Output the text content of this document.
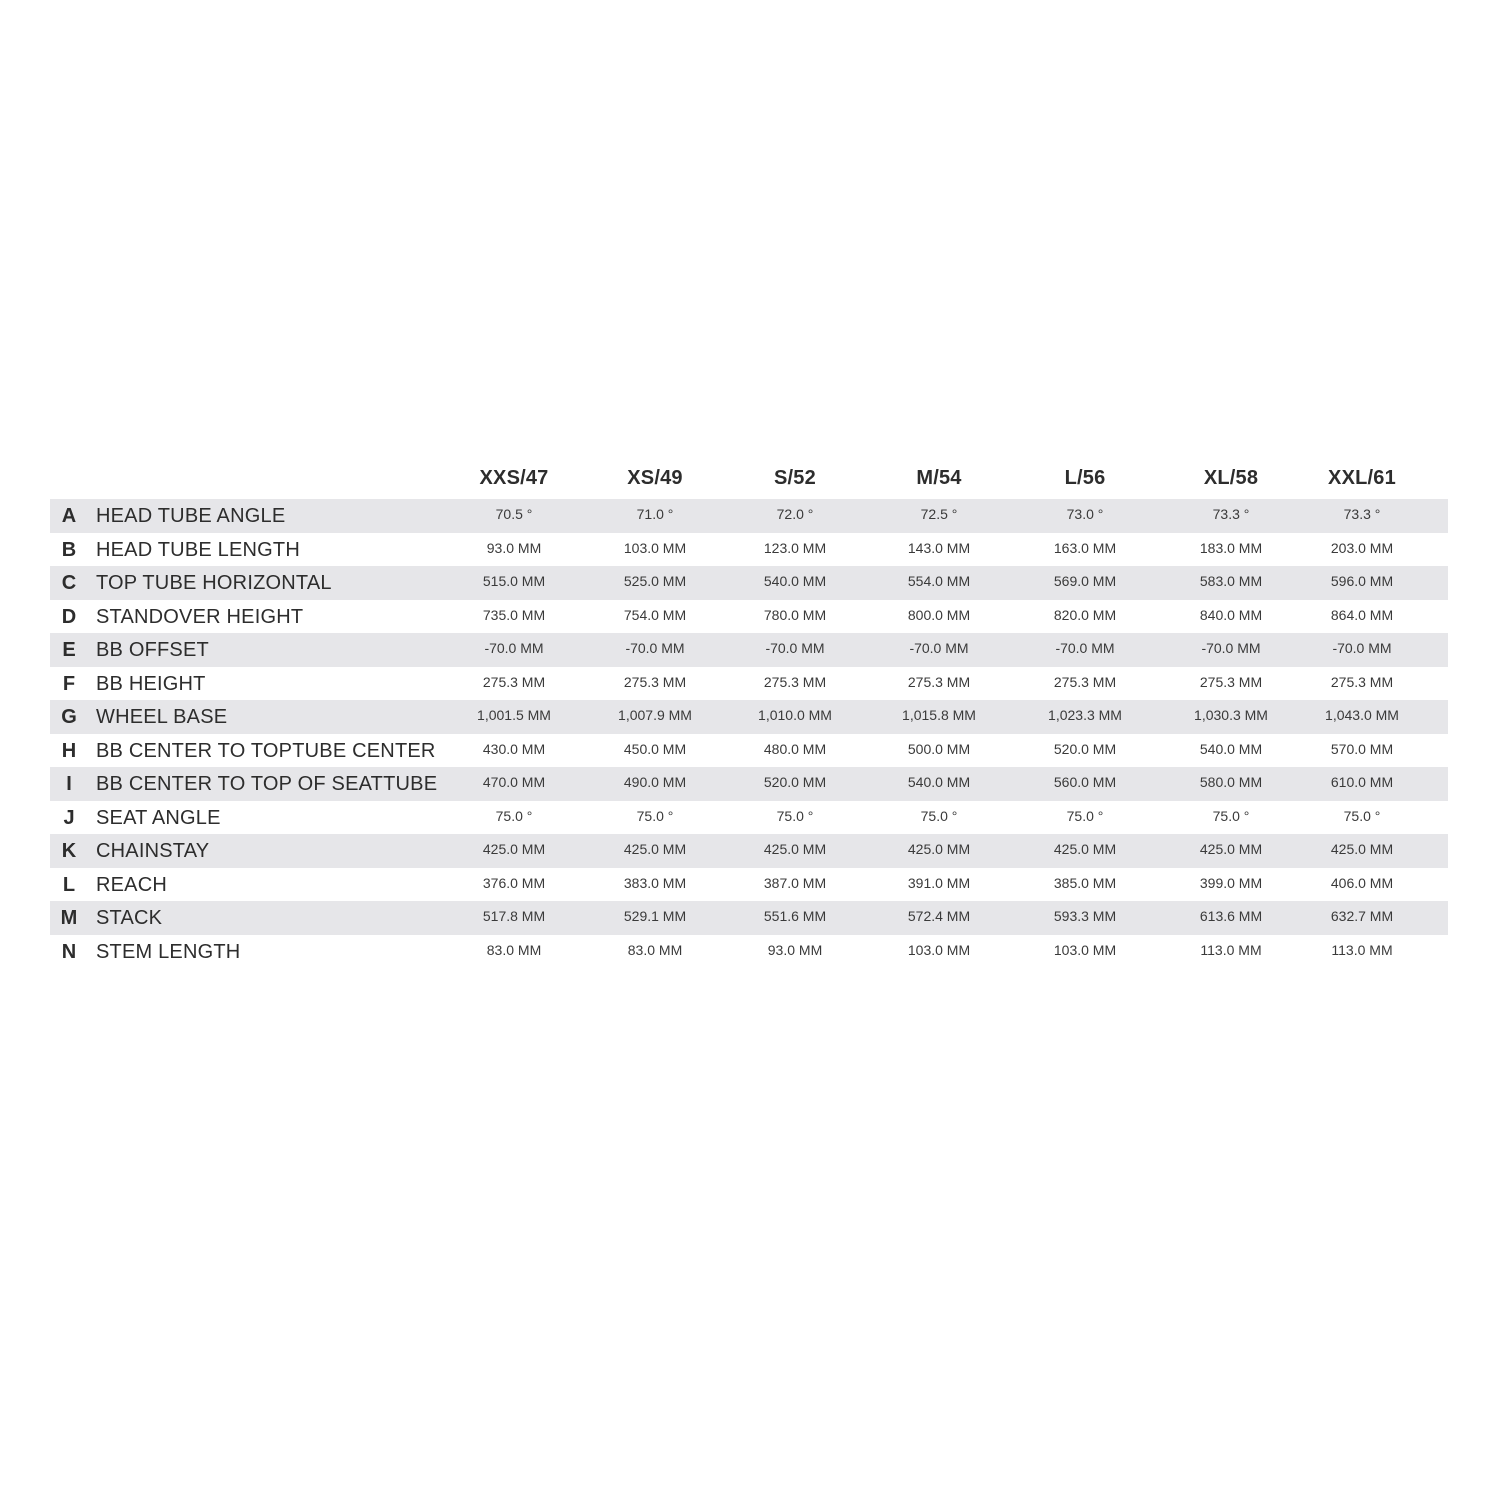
XXS/47	XS/49	S/52	M/54	L/56	XL/58	XXL/61
A HEAD TUBE ANGLE	70.5 °	71.0 °	72.0 °	72.5 °	73.0 °	73.3 °	73.3 °
B HEAD TUBE LENGTH	93.0 MM	103.0 MM	123.0 MM	143.0 MM	163.0 MM	183.0 MM	203.0 MM
C TOP TUBE HORIZONTAL	515.0 MM	525.0 MM	540.0 MM	554.0 MM	569.0 MM	583.0 MM	596.0 MM
D STANDOVER HEIGHT	735.0 MM	754.0 MM	780.0 MM	800.0 MM	820.0 MM	840.0 MM	864.0 MM
E BB OFFSET	-70.0 MM	-70.0 MM	-70.0 MM	-70.0 MM	-70.0 MM	-70.0 MM	-70.0 MM
F BB HEIGHT	275.3 MM	275.3 MM	275.3 MM	275.3 MM	275.3 MM	275.3 MM	275.3 MM
G WHEEL BASE	1,001.5 MM	1,007.9 MM	1,010.0 MM	1,015.8 MM	1,023.3 MM	1,030.3 MM	1,043.0 MM
H BB CENTER TO TOPTUBE CENTER	430.0 MM	450.0 MM	480.0 MM	500.0 MM	520.0 MM	540.0 MM	570.0 MM
I	BB CENTER TO TOP OF SEATTUBE	470.0 MM	490.0 MM	520.0 MM	540.0 MM	560.0 MM	580.0 MM	610.0 MM
J SEAT ANGLE	75.0 °	75.0 °	75.0 °	75.0 °	75.0 °	75.0 °	75.0 °
K CHAINSTAY	425.0 MM	425.0 MM	425.0 MM	425.0 MM	425.0 MM	425.0 MM	425.0 MM
L REACH	376.0 MM	383.0 MM	387.0 MM	391.0 MM	385.0 MM	399.0 MM	406.0 MM
M STACK	517.8 MM	529.1 MM	551.6 MM	572.4 MM	593.3 MM	613.6 MM	632.7 MM
N STEM LENGTH	83.0 MM	83.0 MM	93.0 MM	103.0 MM	103.0 MM	113.0 MM	113.0 MM
